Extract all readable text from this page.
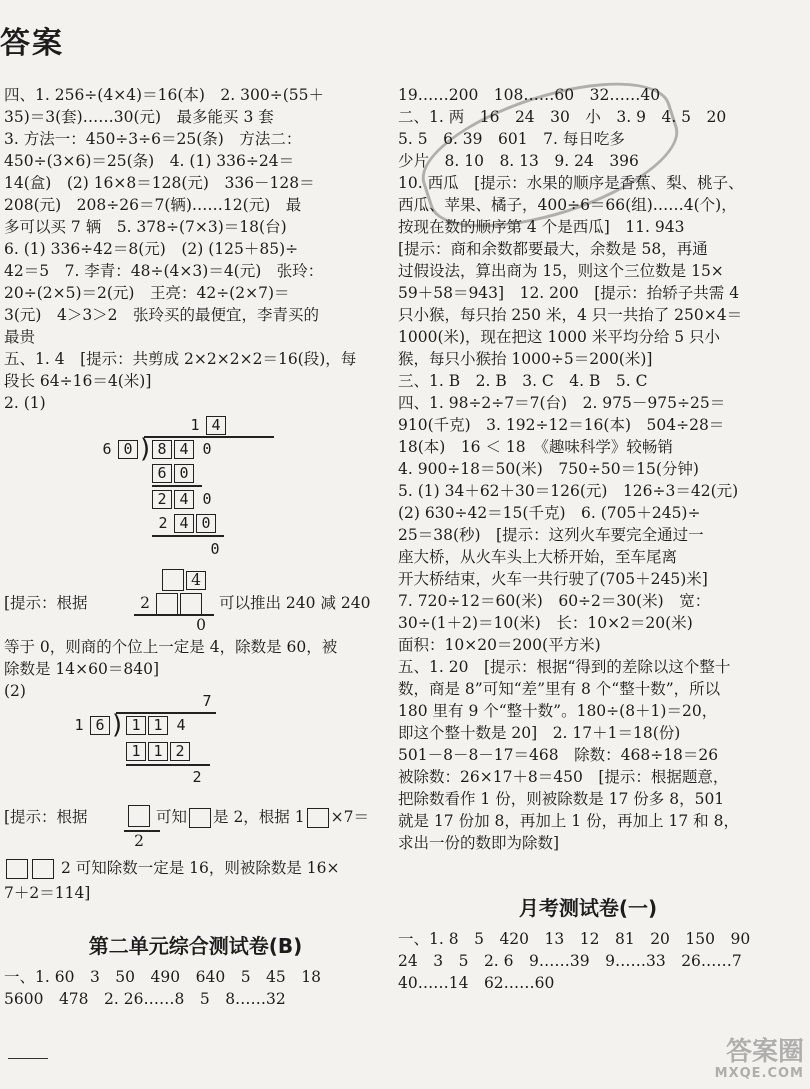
答案
四、1. 256÷(4×4)＝16(本)　2. 300÷(55＋
35)＝3(套)……30(元)　最多能买 3 套
3. 方法一：450÷3÷6＝25(条)　方法二：
450÷(3×6)＝25(条)　4. (1) 336÷24＝
14(盒)　(2) 16×8＝128(元)　336－128＝
208(元)　208÷26＝7(辆)……12(元)　最
多可以买 7 辆　5. 378÷(7×3)＝18(台)
6. (1) 336÷42＝8(元)　(2) (125＋85)÷
42＝5　7. 李青：48÷(4×3)＝4(元)　张玲：
20÷(2×5)＝2(元)　王亮：42÷(2×7)＝
3(元)　4＞3＞2　张玲买的最便宜，李青买的
最贵
五、1. 4　[提示：共剪成 2×2×2×2＝16(段)，每
段长 64÷16＝4(米)]
2. (1)
1 4
6 0 ) 8 4 0
6 0
2 4 0
2 4 0
0
4
[提示：根据	2	可以推出 240 减 240
0
等于 0，则商的个位上一定是 4，除数是 60，被
除数是 14×60＝840]
(2)
7
1 6 ) 1 1 4
1 1 2
2
[提示：根据
2
可知 是 2，根据 1 ×7＝
2 可知除数一定是 16，则被除数是 16×
7＋2＝114]
第二单元综合测试卷(B)
一、1. 60　3　50　490　640　5　45　18
5600　478　2. 26……8　5　8……32
19……200　108……60　32……40
二、1. 两　16　24　30　小　3. 9　4. 5　20
5. 5　6. 39　601　7. 每日吃多
少片　8. 10　8. 13　9. 24　396
10. 西瓜　[提示：水果的顺序是香蕉、梨、桃子、
西瓜、苹果、橘子，400÷6＝66(组)……4(个)，
按现在数的顺序第 4 个是西瓜]　11. 943
[提示：商和余数都要最大，余数是 58，再通
过假设法，算出商为 15，则这个三位数是 15×
59＋58＝943]　12. 200　[提示：抬轿子共需 4
只小猴，每只抬 250 米，4 只一共抬了 250×4＝
1000(米)，现在把这 1000 米平均分给 5 只小
猴，每只小猴抬 1000÷5＝200(米)]
三、1. B　2. B　3. C　4. B　5. C
四、1. 98÷2÷7＝7(台)　2. 975－975÷25＝
910(千克)　3. 192÷12＝16(本)　504÷28＝
18(本)　16 ＜ 18　《趣味科学》较畅销
4. 900÷18＝50(米)　750÷50＝15(分钟)
5. (1) 34＋62＋30＝126(元)　126÷3＝42(元)
(2) 630÷42＝15(千克)　6. (705＋245)÷
25＝38(秒)　[提示：这列火车要完全通过一
座大桥，从火车头上大桥开始，至车尾离
开大桥结束，火车一共行驶了(705＋245)米]
7. 720÷12＝60(米)　60÷2＝30(米)　宽：
30÷(1＋2)＝10(米)　长：10×2＝20(米)
面积：10×20＝200(平方米)
五、1. 20　[提示：根据“得到的差除以这个整十
数，商是 8”可知“差”里有 8 个“整十数”，所以
180 里有 9 个“整十数”。180÷(8＋1)＝20，
即这个整十数是 20]　2. 17＋1＝18(份)
501－8－8－17＝468　除数：468÷18＝26
被除数：26×17＋8＝450　[提示：根据题意，
把除数看作 1 份，则被除数是 17 份多 8，501
就是 17 份加 8，再加上 1 份，再加上 17 和 8，
求出一份的数即为除数]
月考测试卷(一)
一、1. 8　5　420　13　12　81　20　150　90
24　3　5　2. 6　9……39　9……33　26……7
40……14　62……60
答案圈
MXQE.COM
